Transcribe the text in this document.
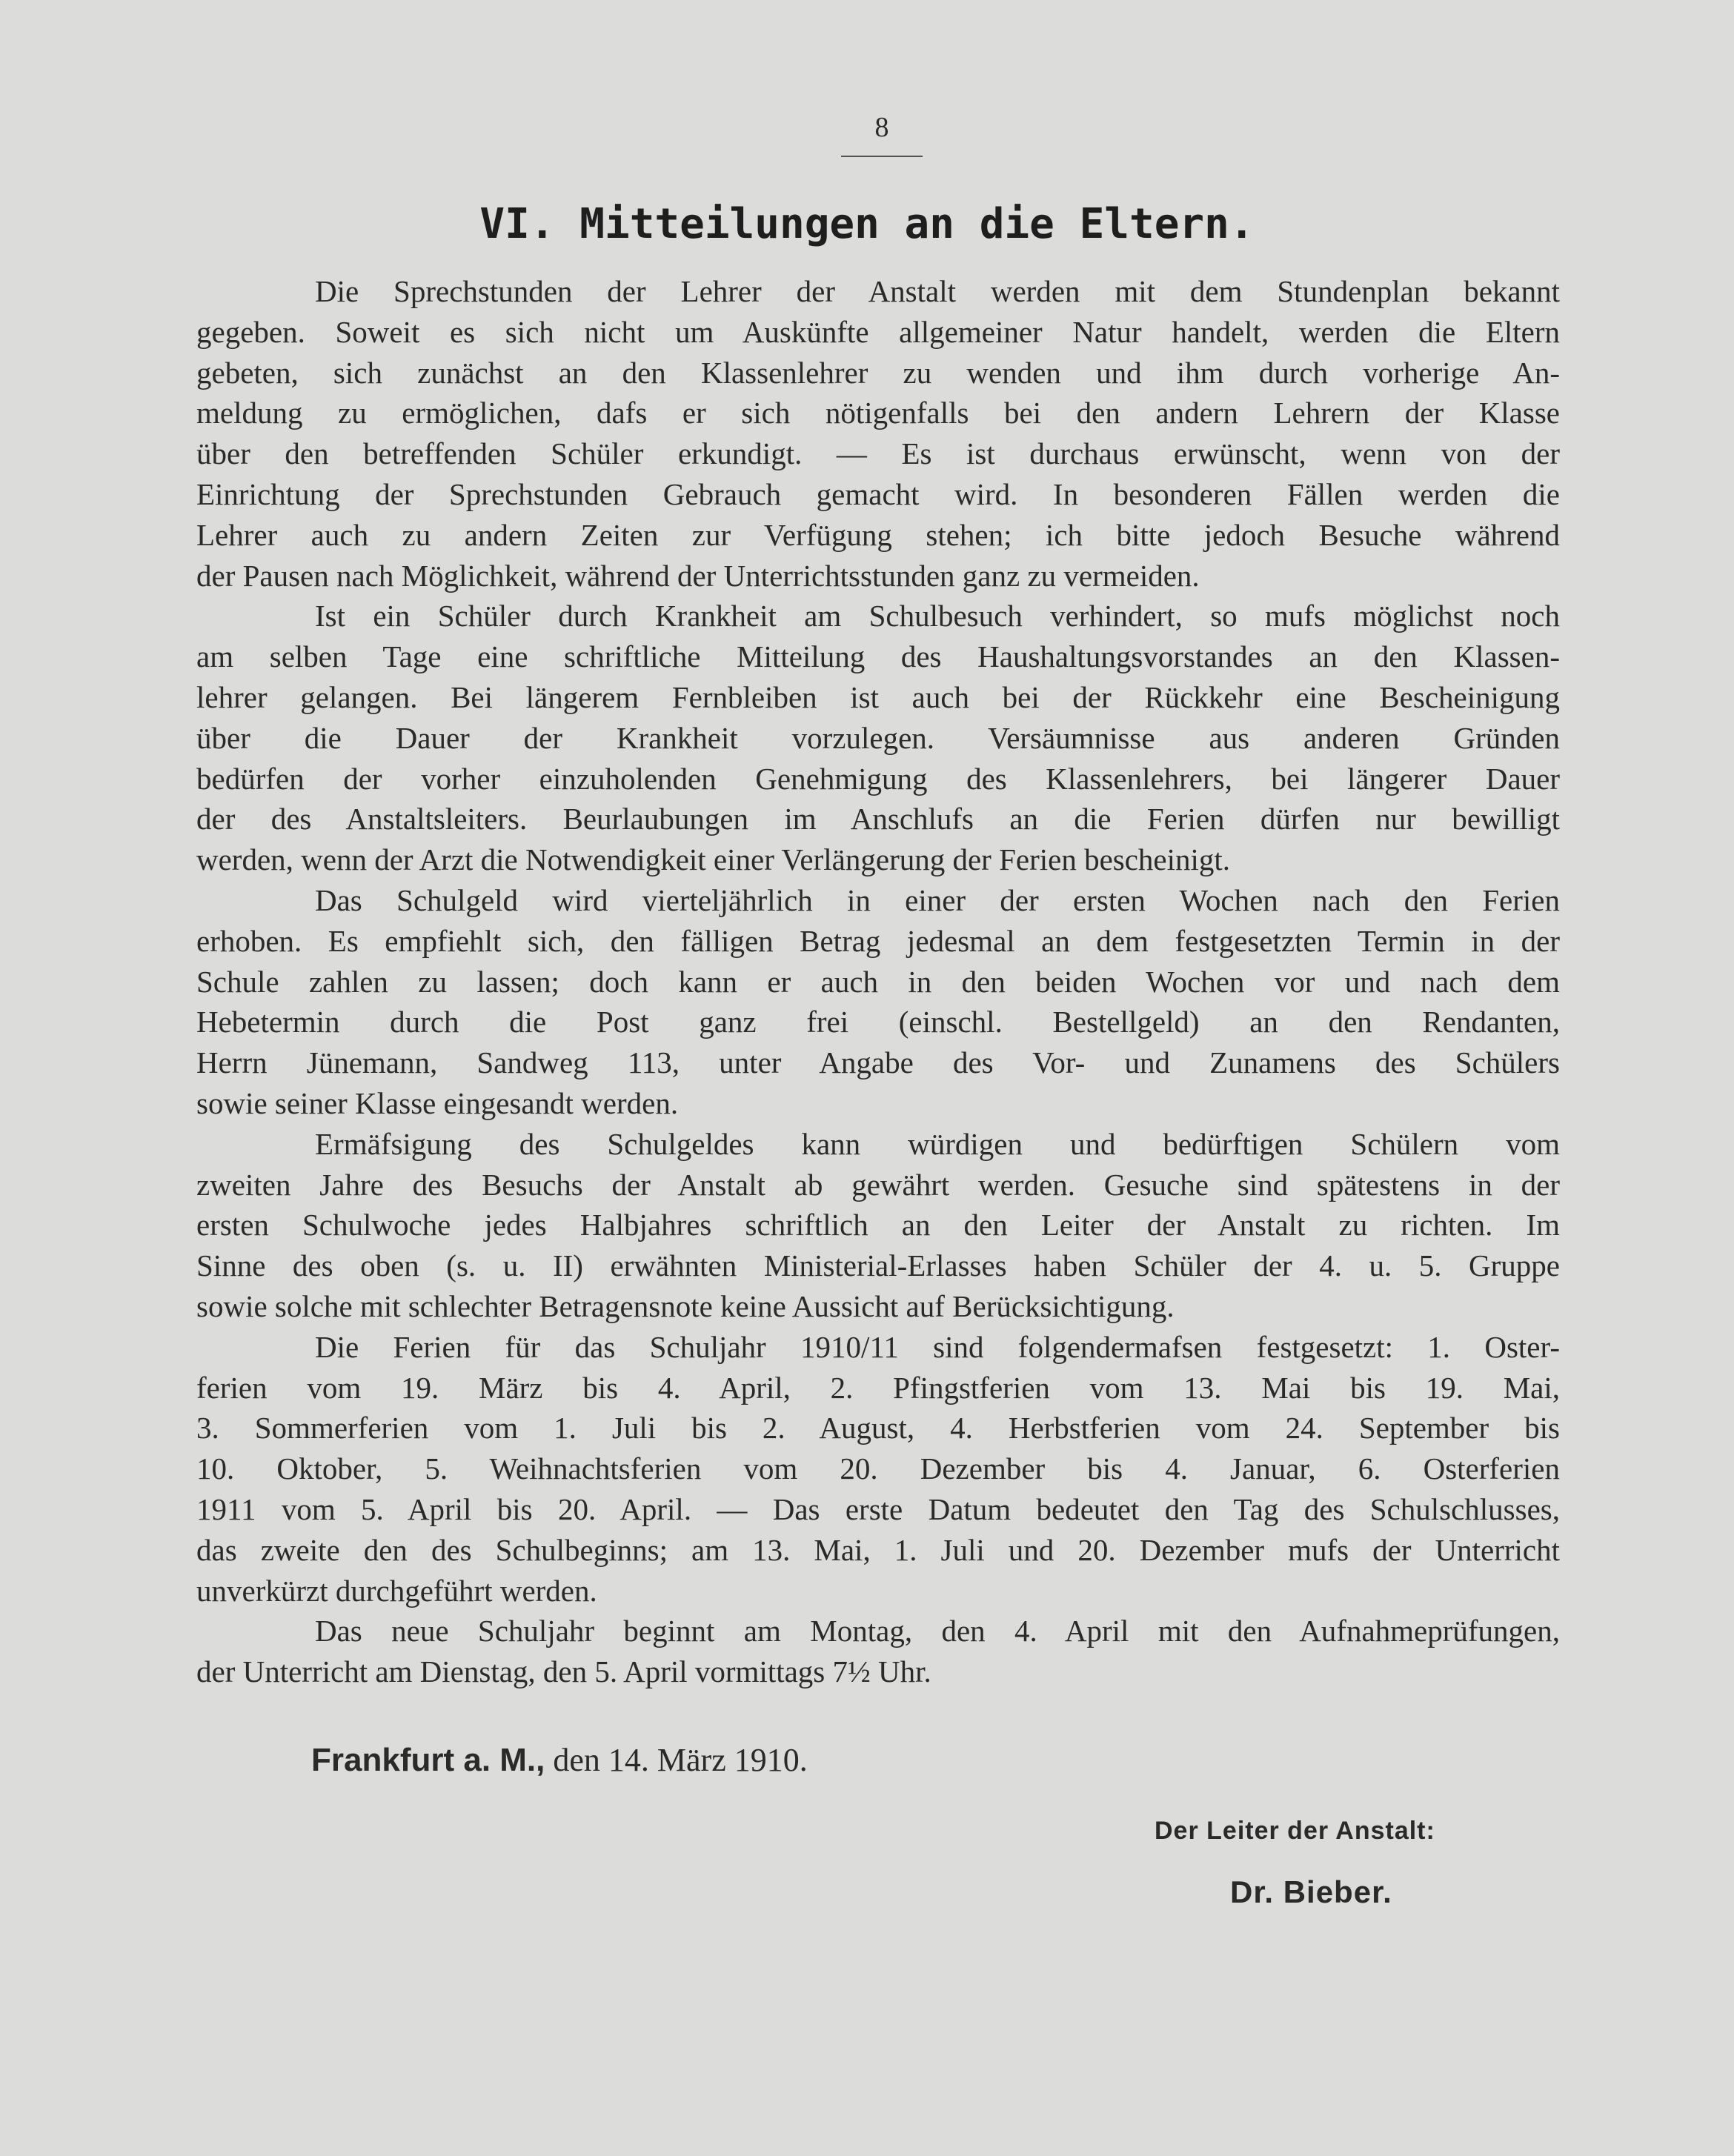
8
VI. Mitteilungen an die Eltern.
Die Sprechstunden der Lehrer der Anstalt werden mit dem Stundenplan bekannt
gegeben. Soweit es sich nicht um Auskünfte allgemeiner Natur handelt, werden die Eltern
gebeten, sich zunächst an den Klassenlehrer zu wenden und ihm durch vorherige An-
meldung zu ermöglichen, dafs er sich nötigenfalls bei den andern Lehrern der Klasse
über den betreffenden Schüler erkundigt. — Es ist durchaus erwünscht, wenn von der
Einrichtung der Sprechstunden Gebrauch gemacht wird. In besonderen Fällen werden die
Lehrer auch zu andern Zeiten zur Verfügung stehen; ich bitte jedoch Besuche während
der Pausen nach Möglichkeit, während der Unterrichtsstunden ganz zu vermeiden.
Ist ein Schüler durch Krankheit am Schulbesuch verhindert, so mufs möglichst noch
am selben Tage eine schriftliche Mitteilung des Haushaltungsvorstandes an den Klassen-
lehrer gelangen. Bei längerem Fernbleiben ist auch bei der Rückkehr eine Bescheinigung
über die Dauer der Krankheit vorzulegen. Versäumnisse aus anderen Gründen
bedürfen der vorher einzuholenden Genehmigung des Klassenlehrers, bei längerer Dauer
der des Anstaltsleiters. Beurlaubungen im Anschlufs an die Ferien dürfen nur bewilligt
werden, wenn der Arzt die Notwendigkeit einer Verlängerung der Ferien bescheinigt.
Das Schulgeld wird vierteljährlich in einer der ersten Wochen nach den Ferien
erhoben. Es empfiehlt sich, den fälligen Betrag jedesmal an dem festgesetzten Termin in der
Schule zahlen zu lassen; doch kann er auch in den beiden Wochen vor und nach dem
Hebetermin durch die Post ganz frei (einschl. Bestellgeld) an den Rendanten,
Herrn Jünemann, Sandweg 113, unter Angabe des Vor- und Zunamens des Schülers
sowie seiner Klasse eingesandt werden.
Ermäfsigung des Schulgeldes kann würdigen und bedürftigen Schülern vom
zweiten Jahre des Besuchs der Anstalt ab gewährt werden. Gesuche sind spätestens in der
ersten Schulwoche jedes Halbjahres schriftlich an den Leiter der Anstalt zu richten. Im
Sinne des oben (s. u. II) erwähnten Ministerial-Erlasses haben Schüler der 4. u. 5. Gruppe
sowie solche mit schlechter Betragensnote keine Aussicht auf Berücksichtigung.
Die Ferien für das Schuljahr 1910/11 sind folgendermafsen festgesetzt: 1. Oster-
ferien vom 19. März bis 4. April, 2. Pfingstferien vom 13. Mai bis 19. Mai,
3. Sommerferien vom 1. Juli bis 2. August, 4. Herbstferien vom 24. September bis
10. Oktober, 5. Weihnachtsferien vom 20. Dezember bis 4. Januar, 6. Osterferien
1911 vom 5. April bis 20. April. — Das erste Datum bedeutet den Tag des Schulschlusses,
das zweite den des Schulbeginns; am 13. Mai, 1. Juli und 20. Dezember mufs der Unterricht
unverkürzt durchgeführt werden.
Das neue Schuljahr beginnt am Montag, den 4. April mit den Aufnahmeprüfungen,
der Unterricht am Dienstag, den 5. April vormittags 7½ Uhr.
Frankfurt a. M., den 14. März 1910.
Der Leiter der Anstalt:
Dr. Bieber.
